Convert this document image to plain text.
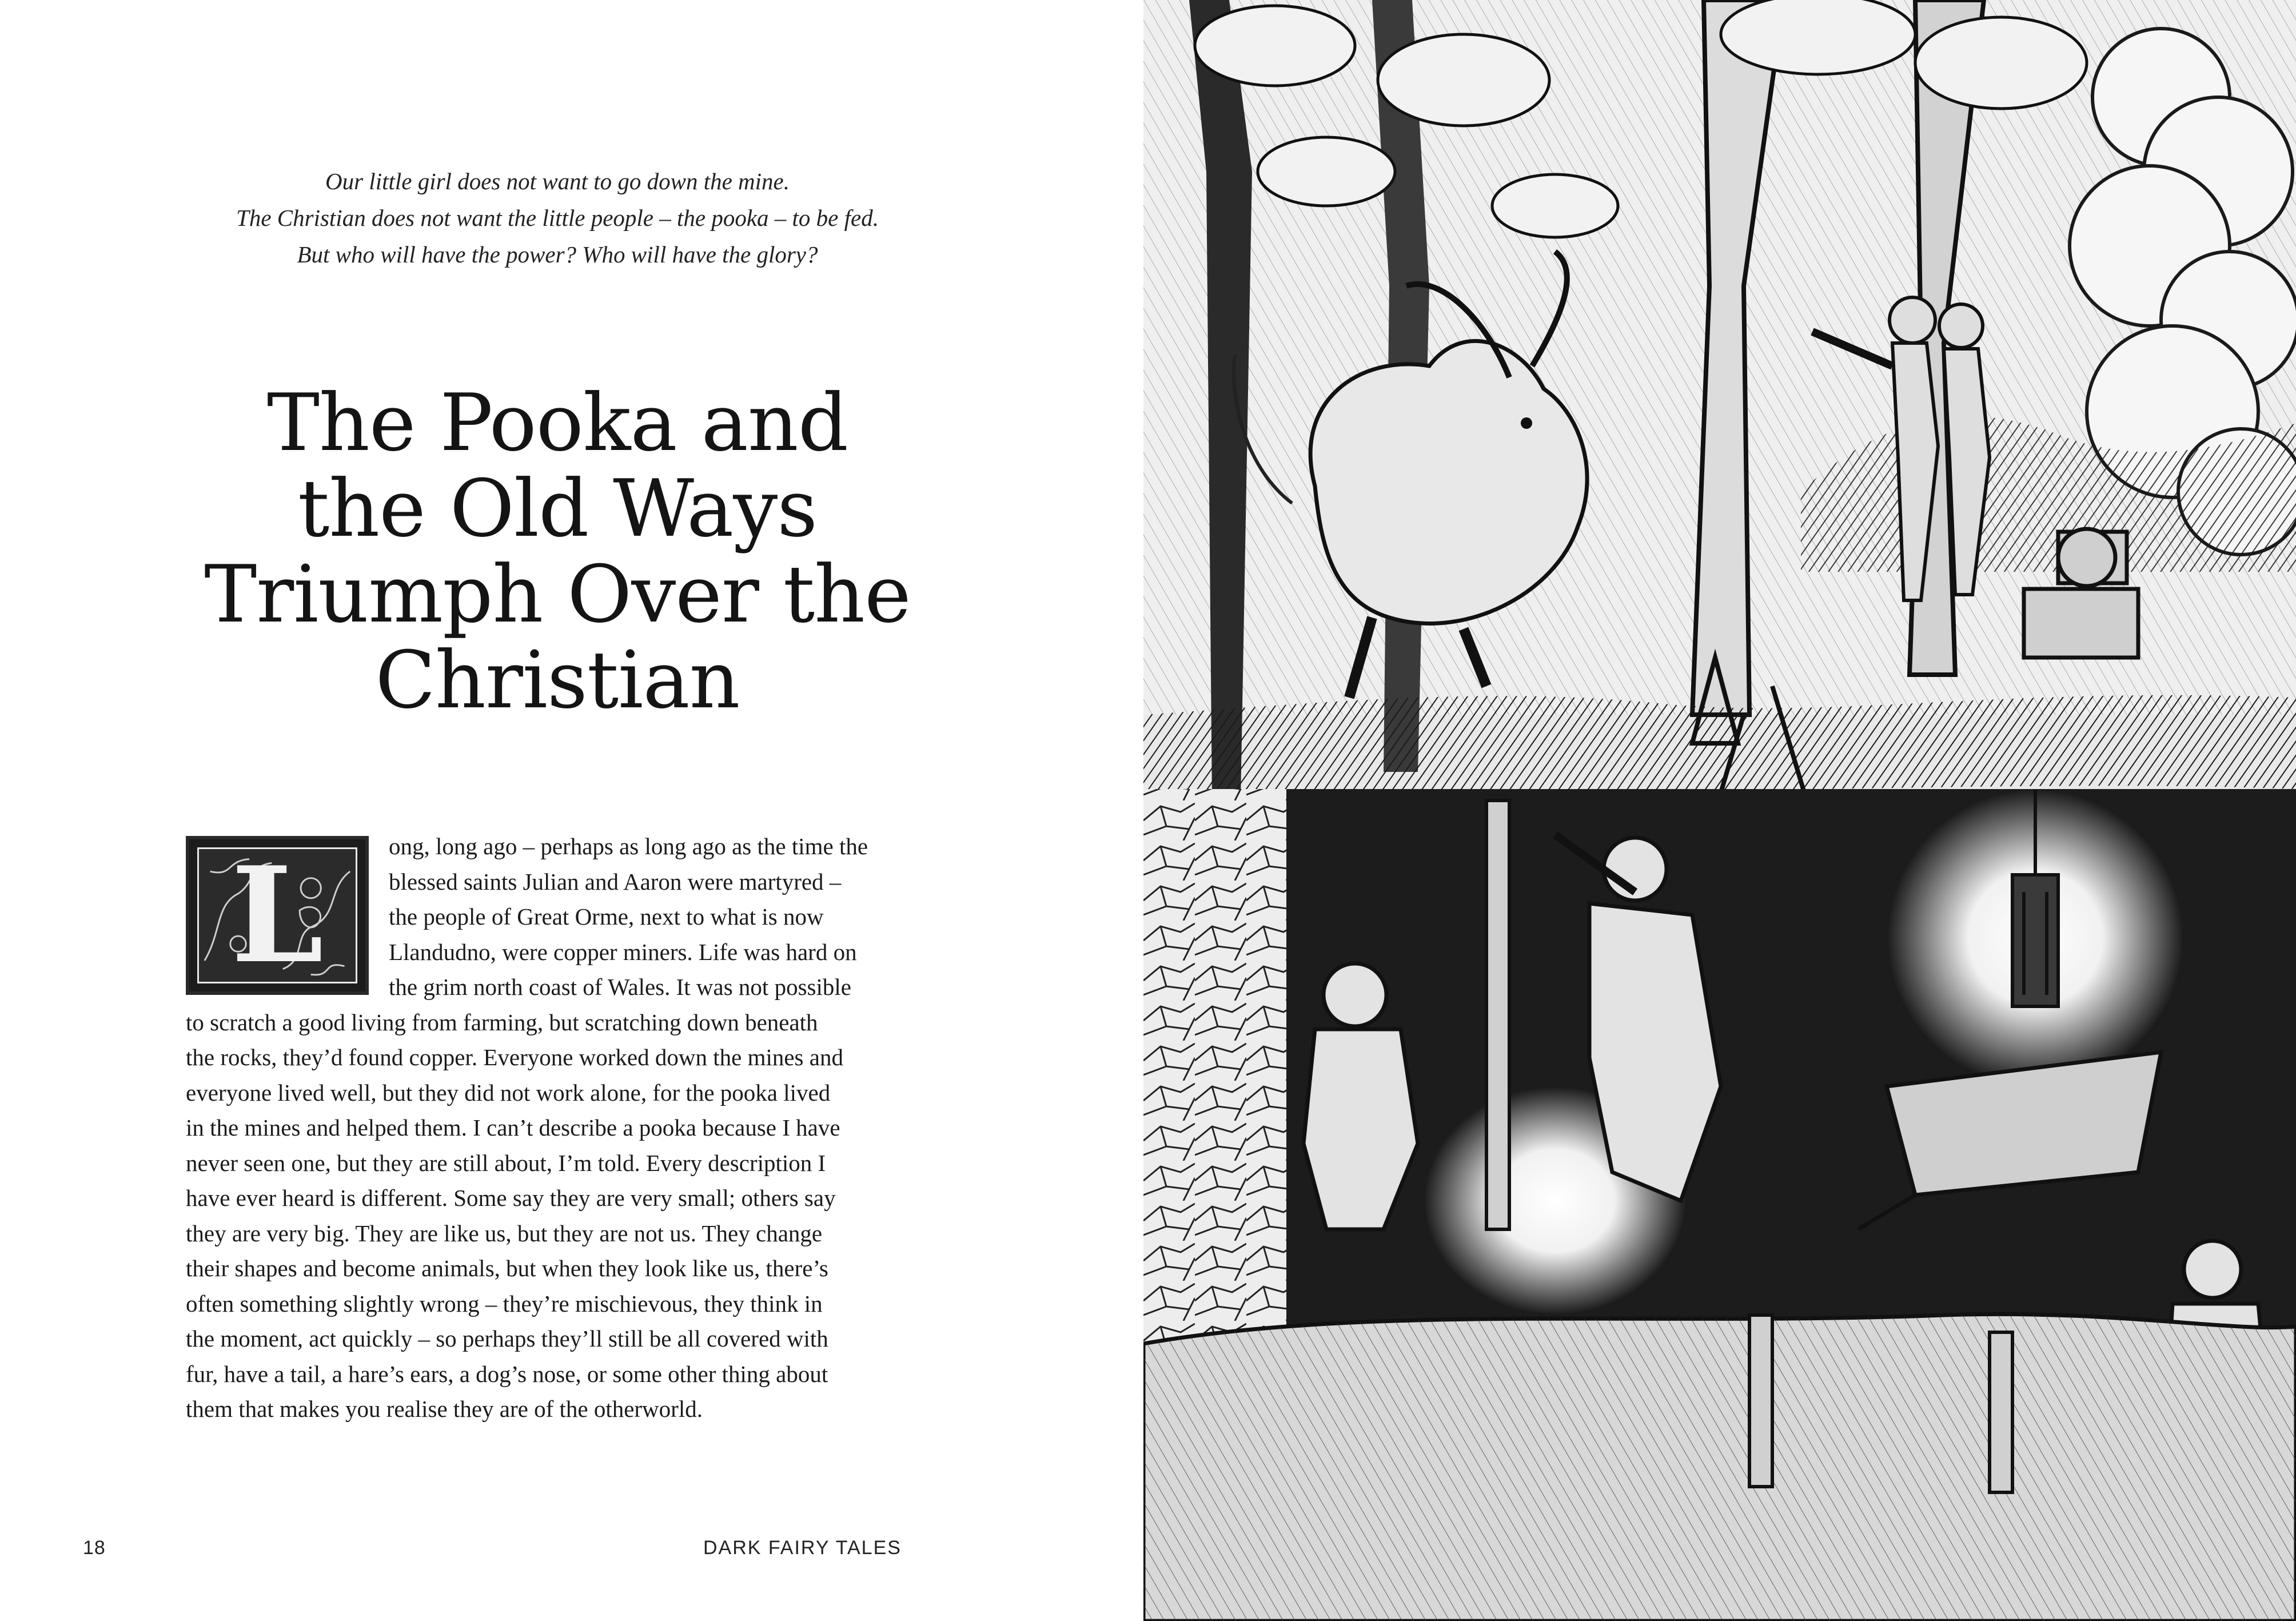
Our little girl does not want to go down the mine.
The Christian does not want the little people – the pooka – to be fed.
But who will have the power? Who will have the glory?
The Pooka and
the Old Ways
Triumph Over the
Christian
L	ong, long ago – perhaps as long ago as the time the
blessed saints Julian and Aaron were martyred –
the people of Great Orme, next to what is now
Llandudno, were copper miners. Life was hard on
the grim north coast of Wales. It was not possible
to scratch a good living from farming, but scratching down beneath
the rocks, they’d found copper. Everyone worked down the mines and
everyone lived well, but they did not work alone, for the pooka lived
in the mines and helped them. I can’t describe a pooka because I have
never seen one, but they are still about, I’m told. Every description I
have ever heard is different. Some say they are very small; others say
they are very big. They are like us, but they are not us. They change
their shapes and become animals, but when they look like us, there’s
often something slightly wrong – they’re mischievous, they think in
the moment, act quickly – so perhaps they’ll still be all covered with
fur, have a tail, a hare’s ears, a dog’s nose, or some other thing about
them that makes you realise they are of the otherworld.
18	DARK FAIRY TALES
